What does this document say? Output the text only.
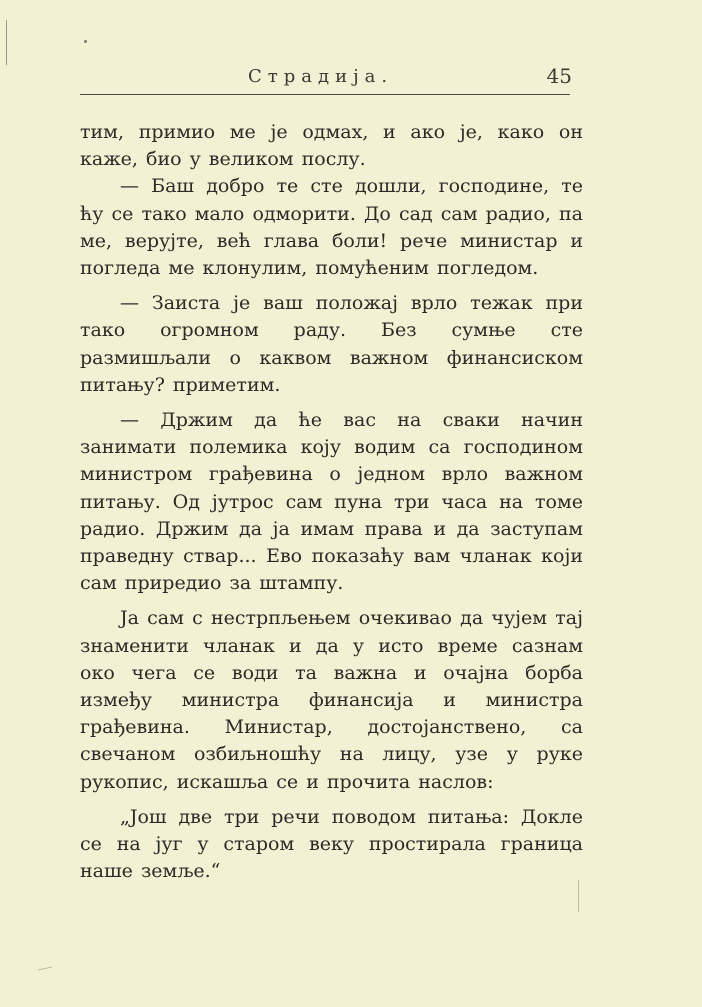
Страдија.	45

тим, примио ме је одмах, и ако је, како он каже, био у великом послу.

— Баш добро те сте дошли, господине, те ћу се тако мало одморити. До сад сам радио, па ме, верујте, већ глава боли! рече министар и погледа ме клонулим, помућеним погледом.

— Заиста је ваш положај врло тежак при тако огромном раду. Без сумње сте размишљали о каквом важном финансиском питању? приметим.

— Држим да ће вас на сваки начин занимати полемика коју водим са господином министром грађевина о једном врло важном питању. Од јутрос сам пуна три часа на томе радио. Држим да ја имам права и да заступам праведну ствар... Ево показаћу вам чланак који сам приредио за штампу.

Ја сам с нестрпљењем очекивао да чујем тај знаменити чланак и да у исто време сазнам око чега се води та важна и очајна борба између министра финансија и министра грађевина. Министар, достојанствено, са свечаном озбиљношћу на лицу, узе у руке рукопис, искашља се и прочита наслов:

„Још две три речи поводом питања: Докле се на југ у старом веку простирала граница наше земље.“
